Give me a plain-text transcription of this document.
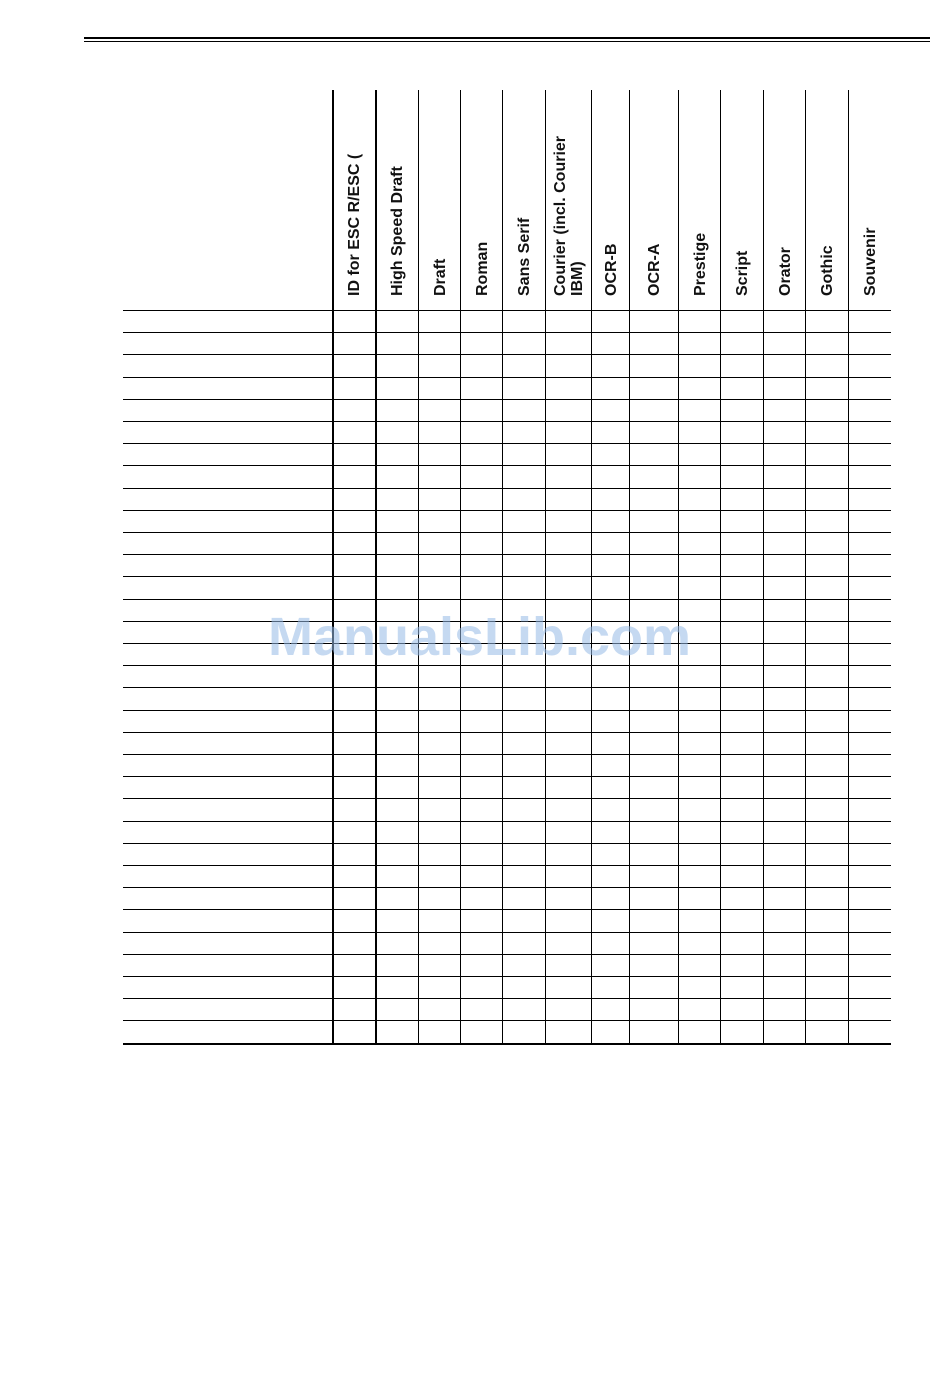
ID for ESC R/ESC ( High Speed Draft Draft Roman Sans Serif Courier (incl. Courier IBM) OCR-B OCR-A Prestige Script Orator Gothic Souvenir
ManualsLib.com
